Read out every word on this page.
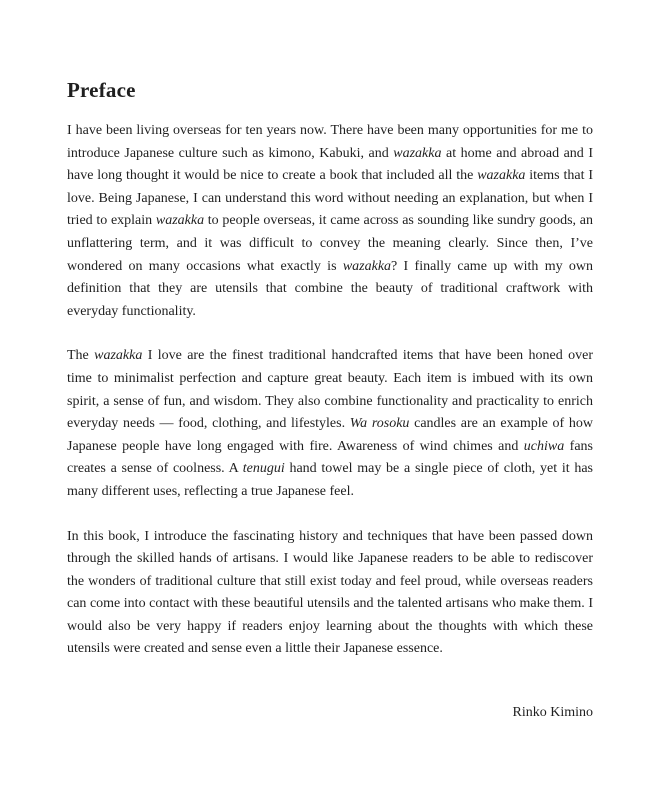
Preface

I have been living overseas for ten years now. There have been many opportunities for me to introduce Japanese culture such as kimono, Kabuki, and wazakka at home and abroad and I have long thought it would be nice to create a book that included all the wazakka items that I love. Being Japanese, I can understand this word without needing an explanation, but when I tried to explain wazakka to people overseas, it came across as sounding like sundry goods, an unflattering term, and it was difficult to convey the meaning clearly. Since then, I’ve wondered on many occasions what exactly is wazakka? I finally came up with my own definition that they are utensils that combine the beauty of traditional craftwork with everyday functionality.

The wazakka I love are the finest traditional handcrafted items that have been honed over time to minimalist perfection and capture great beauty. Each item is imbued with its own spirit, a sense of fun, and wisdom. They also combine functionality and practicality to enrich everyday needs — food, clothing, and lifestyles. Wa rosoku candles are an example of how Japanese people have long engaged with fire. Awareness of wind chimes and uchiwa fans creates a sense of coolness. A tenugui hand towel may be a single piece of cloth, yet it has many different uses, reflecting a true Japanese feel.

In this book, I introduce the fascinating history and techniques that have been passed down through the skilled hands of artisans. I would like Japanese readers to be able to rediscover the wonders of traditional culture that still exist today and feel proud, while overseas readers can come into contact with these beautiful utensils and the talented artisans who make them. I would also be very happy if readers enjoy learning about the thoughts with which these utensils were created and sense even a little their Japanese essence.

Rinko Kimino
